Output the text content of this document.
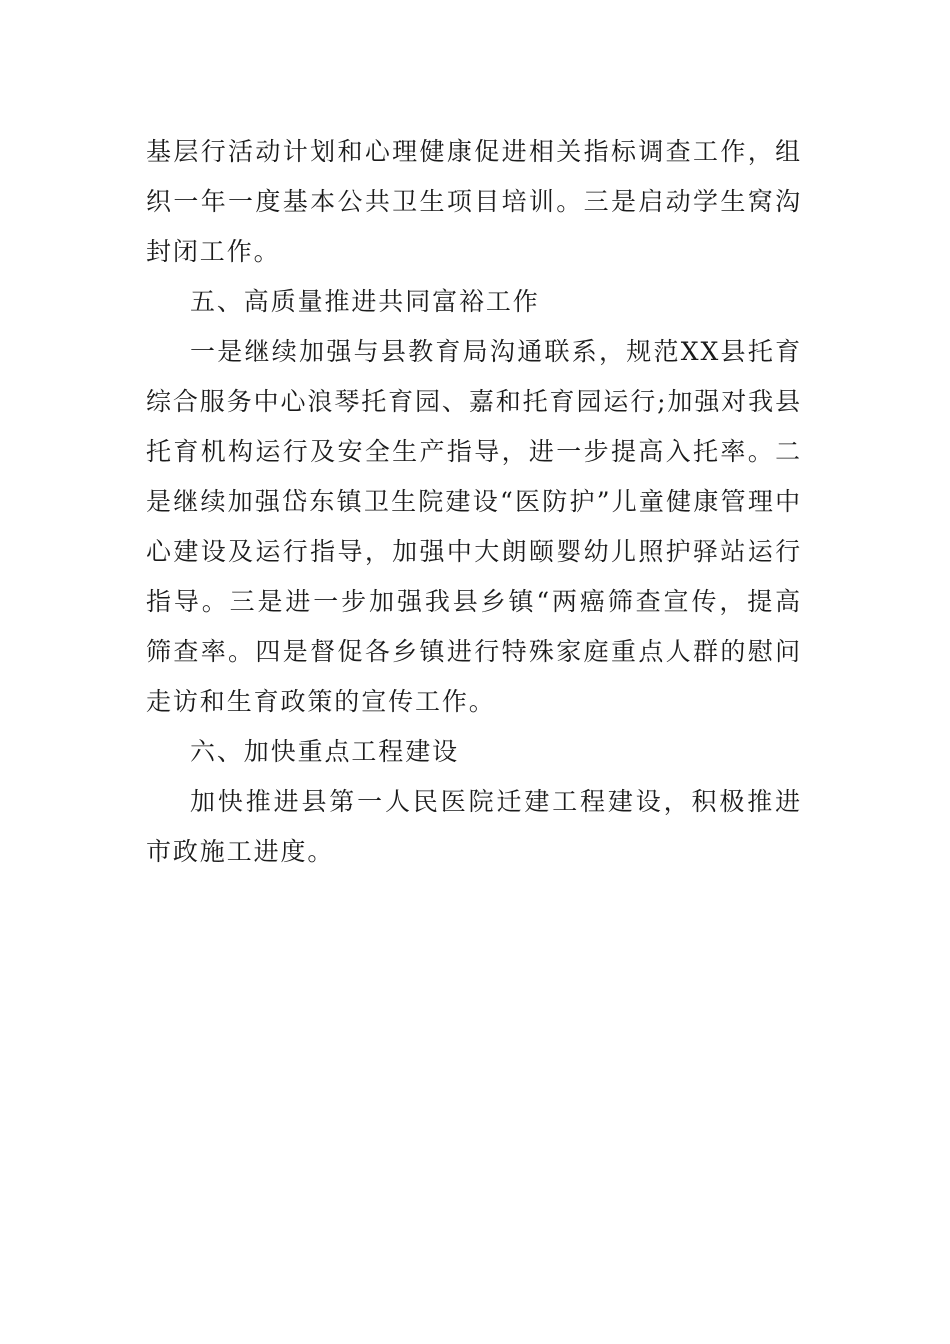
基层行活动计划和心理健康促进相关指标调查工作，组织一年一度基本公共卫生项目培训。三是启动学生窝沟封闭工作。

五、高质量推进共同富裕工作

一是继续加强与县教育局沟通联系，规范XX县托育综合服务中心浪琴托育园、嘉和托育园运行;加强对我县托育机构运行及安全生产指导，进一步提高入托率。二是继续加强岱东镇卫生院建设“医防护”儿童健康管理中心建设及运行指导，加强中大朗颐婴幼儿照护驿站运行指导。三是进一步加强我县乡镇“两癌筛查宣传，提高筛查率。四是督促各乡镇进行特殊家庭重点人群的慰问走访和生育政策的宣传工作。

六、加快重点工程建设

加快推进县第一人民医院迁建工程建设，积极推进市政施工进度。
